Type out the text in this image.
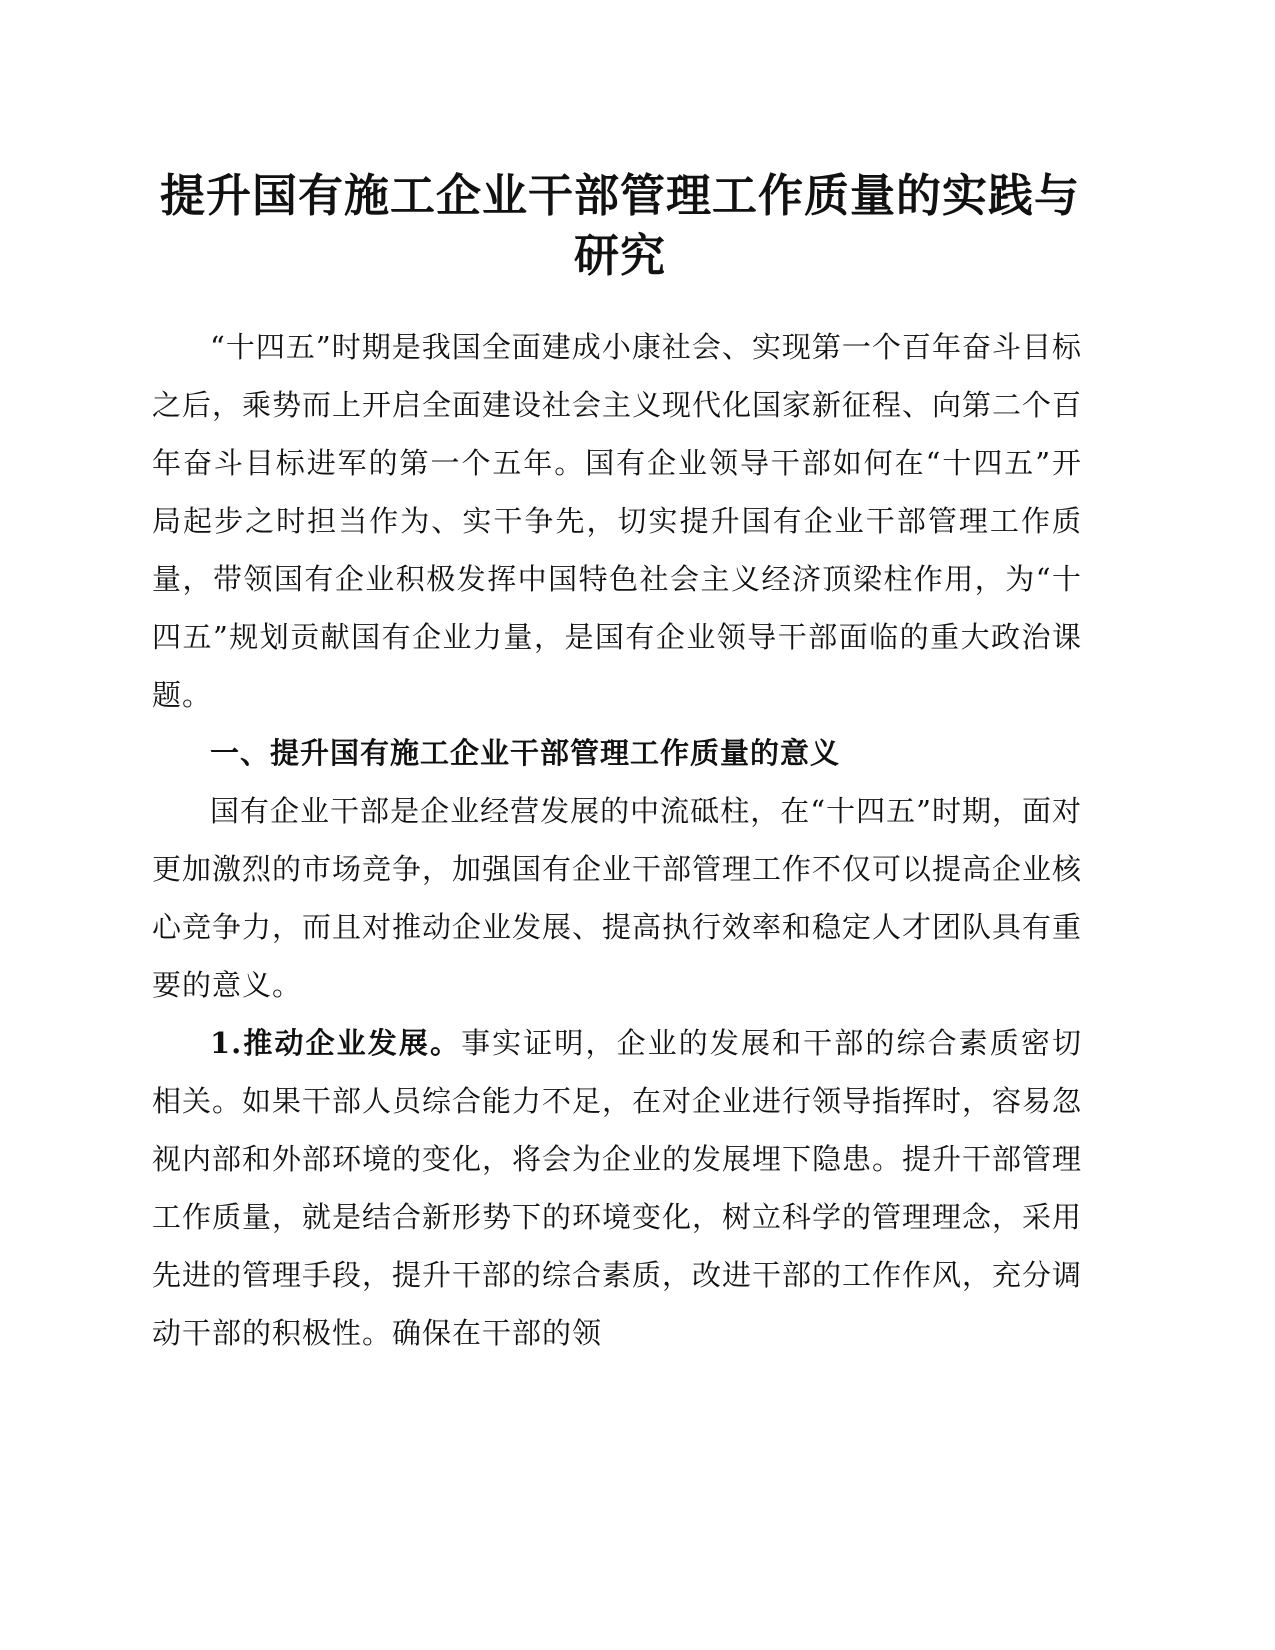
提升国有施工企业干部管理工作质量的实践与研究

“十四五”时期是我国全面建成小康社会、实现第一个百年奋斗目标之后，乘势而上开启全面建设社会主义现代化国家新征程、向第二个百年奋斗目标进军的第一个五年。国有企业领导干部如何在“十四五”开局起步之时担当作为、实干争先，切实提升国有企业干部管理工作质量，带领国有企业积极发挥中国特色社会主义经济顶梁柱作用，为“十四五”规划贡献国有企业力量，是国有企业领导干部面临的重大政治课题。

一、提升国有施工企业干部管理工作质量的意义

国有企业干部是企业经营发展的中流砥柱，在“十四五”时期，面对更加激烈的市场竞争，加强国有企业干部管理工作不仅可以提高企业核心竞争力，而且对推动企业发展、提高执行效率和稳定人才团队具有重要的意义。

1.推动企业发展。事实证明，企业的发展和干部的综合素质密切相关。如果干部人员综合能力不足，在对企业进行领导指挥时，容易忽视内部和外部环境的变化，将会为企业的发展埋下隐患。提升干部管理工作质量，就是结合新形势下的环境变化，树立科学的管理理念，采用先进的管理手段，提升干部的综合素质，改进干部的工作作风，充分调动干部的积极性。确保在干部的领
